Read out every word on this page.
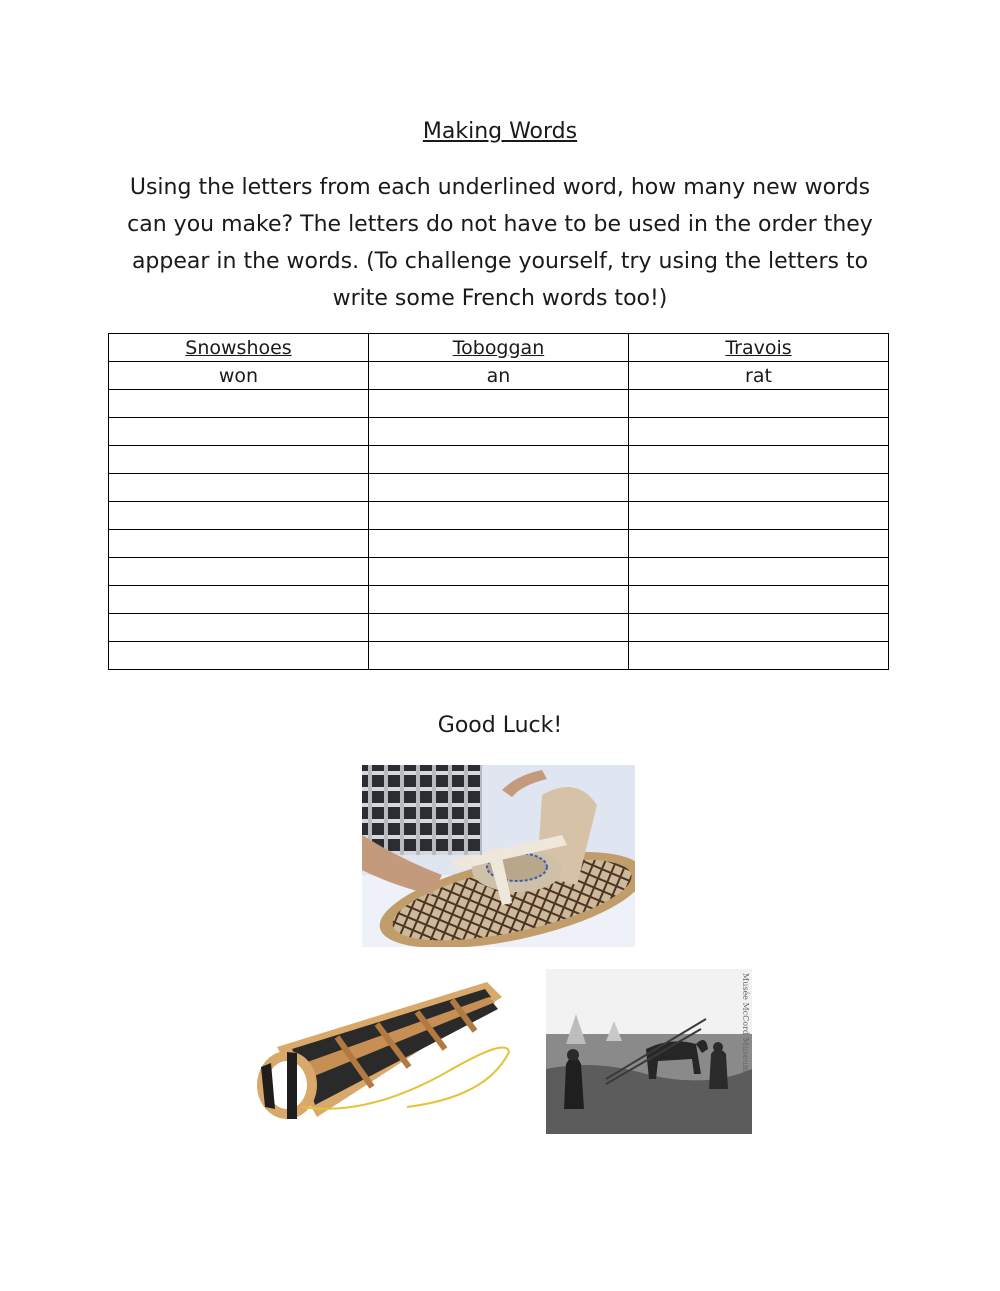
Making Words
Using the letters from each underlined word, how many new words can you make? The letters do not have to be used in the order they appear in the words. (To challenge yourself, try using the letters to write some French words too!)
Snowshoes	Toboggan	Travois
won	an	rat

Good Luck!
Musée McCord Museum
